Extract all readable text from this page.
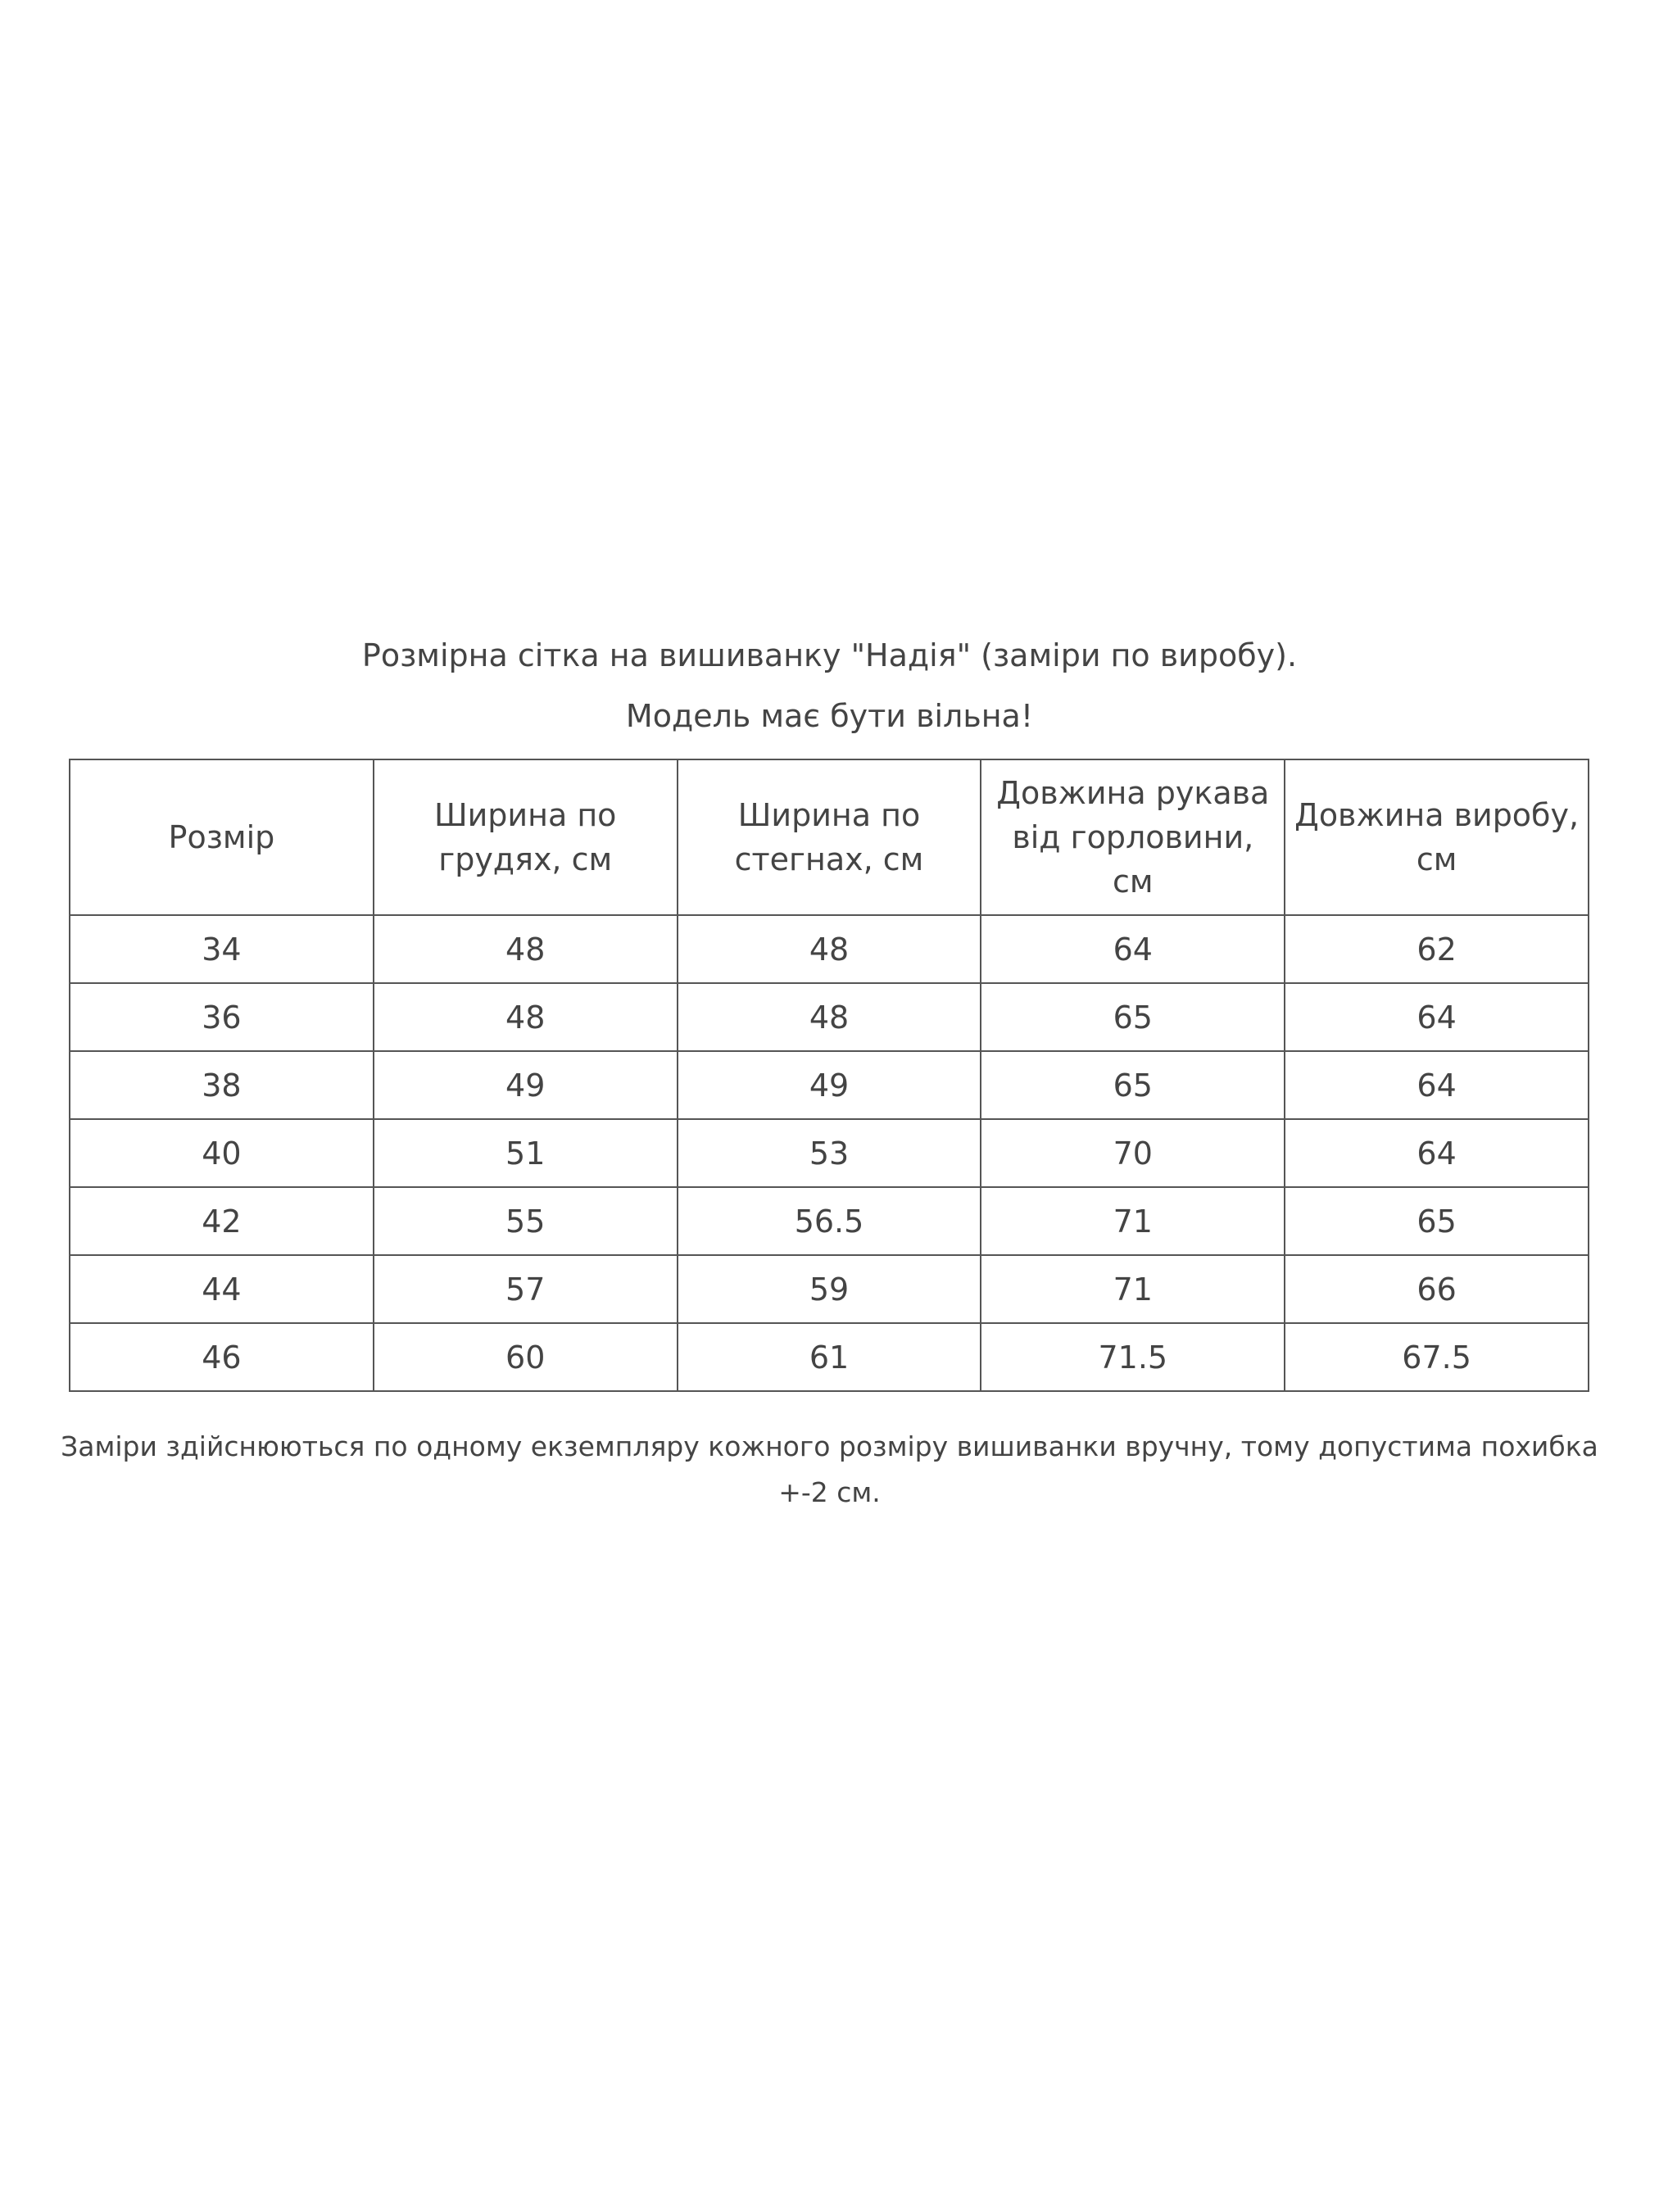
Розмірна сітка на вишиванку "Надія" (заміри по виробу).
Модель має бути вільна!
Розмір	Ширина по грудях, см	Ширина по стегнах, см	Довжина рукава від горловини, см	Довжина виробу, см
34	48	48	64	62
36	48	48	65	64
38	49	49	65	64
40	51	53	70	64
42	55	56.5	71	65
44	57	59	71	66
46	60	61	71.5	67.5
Заміри здійснюються по одному екземпляру кожного розміру вишиванки вручну, тому допустима похибка +-2 см.
